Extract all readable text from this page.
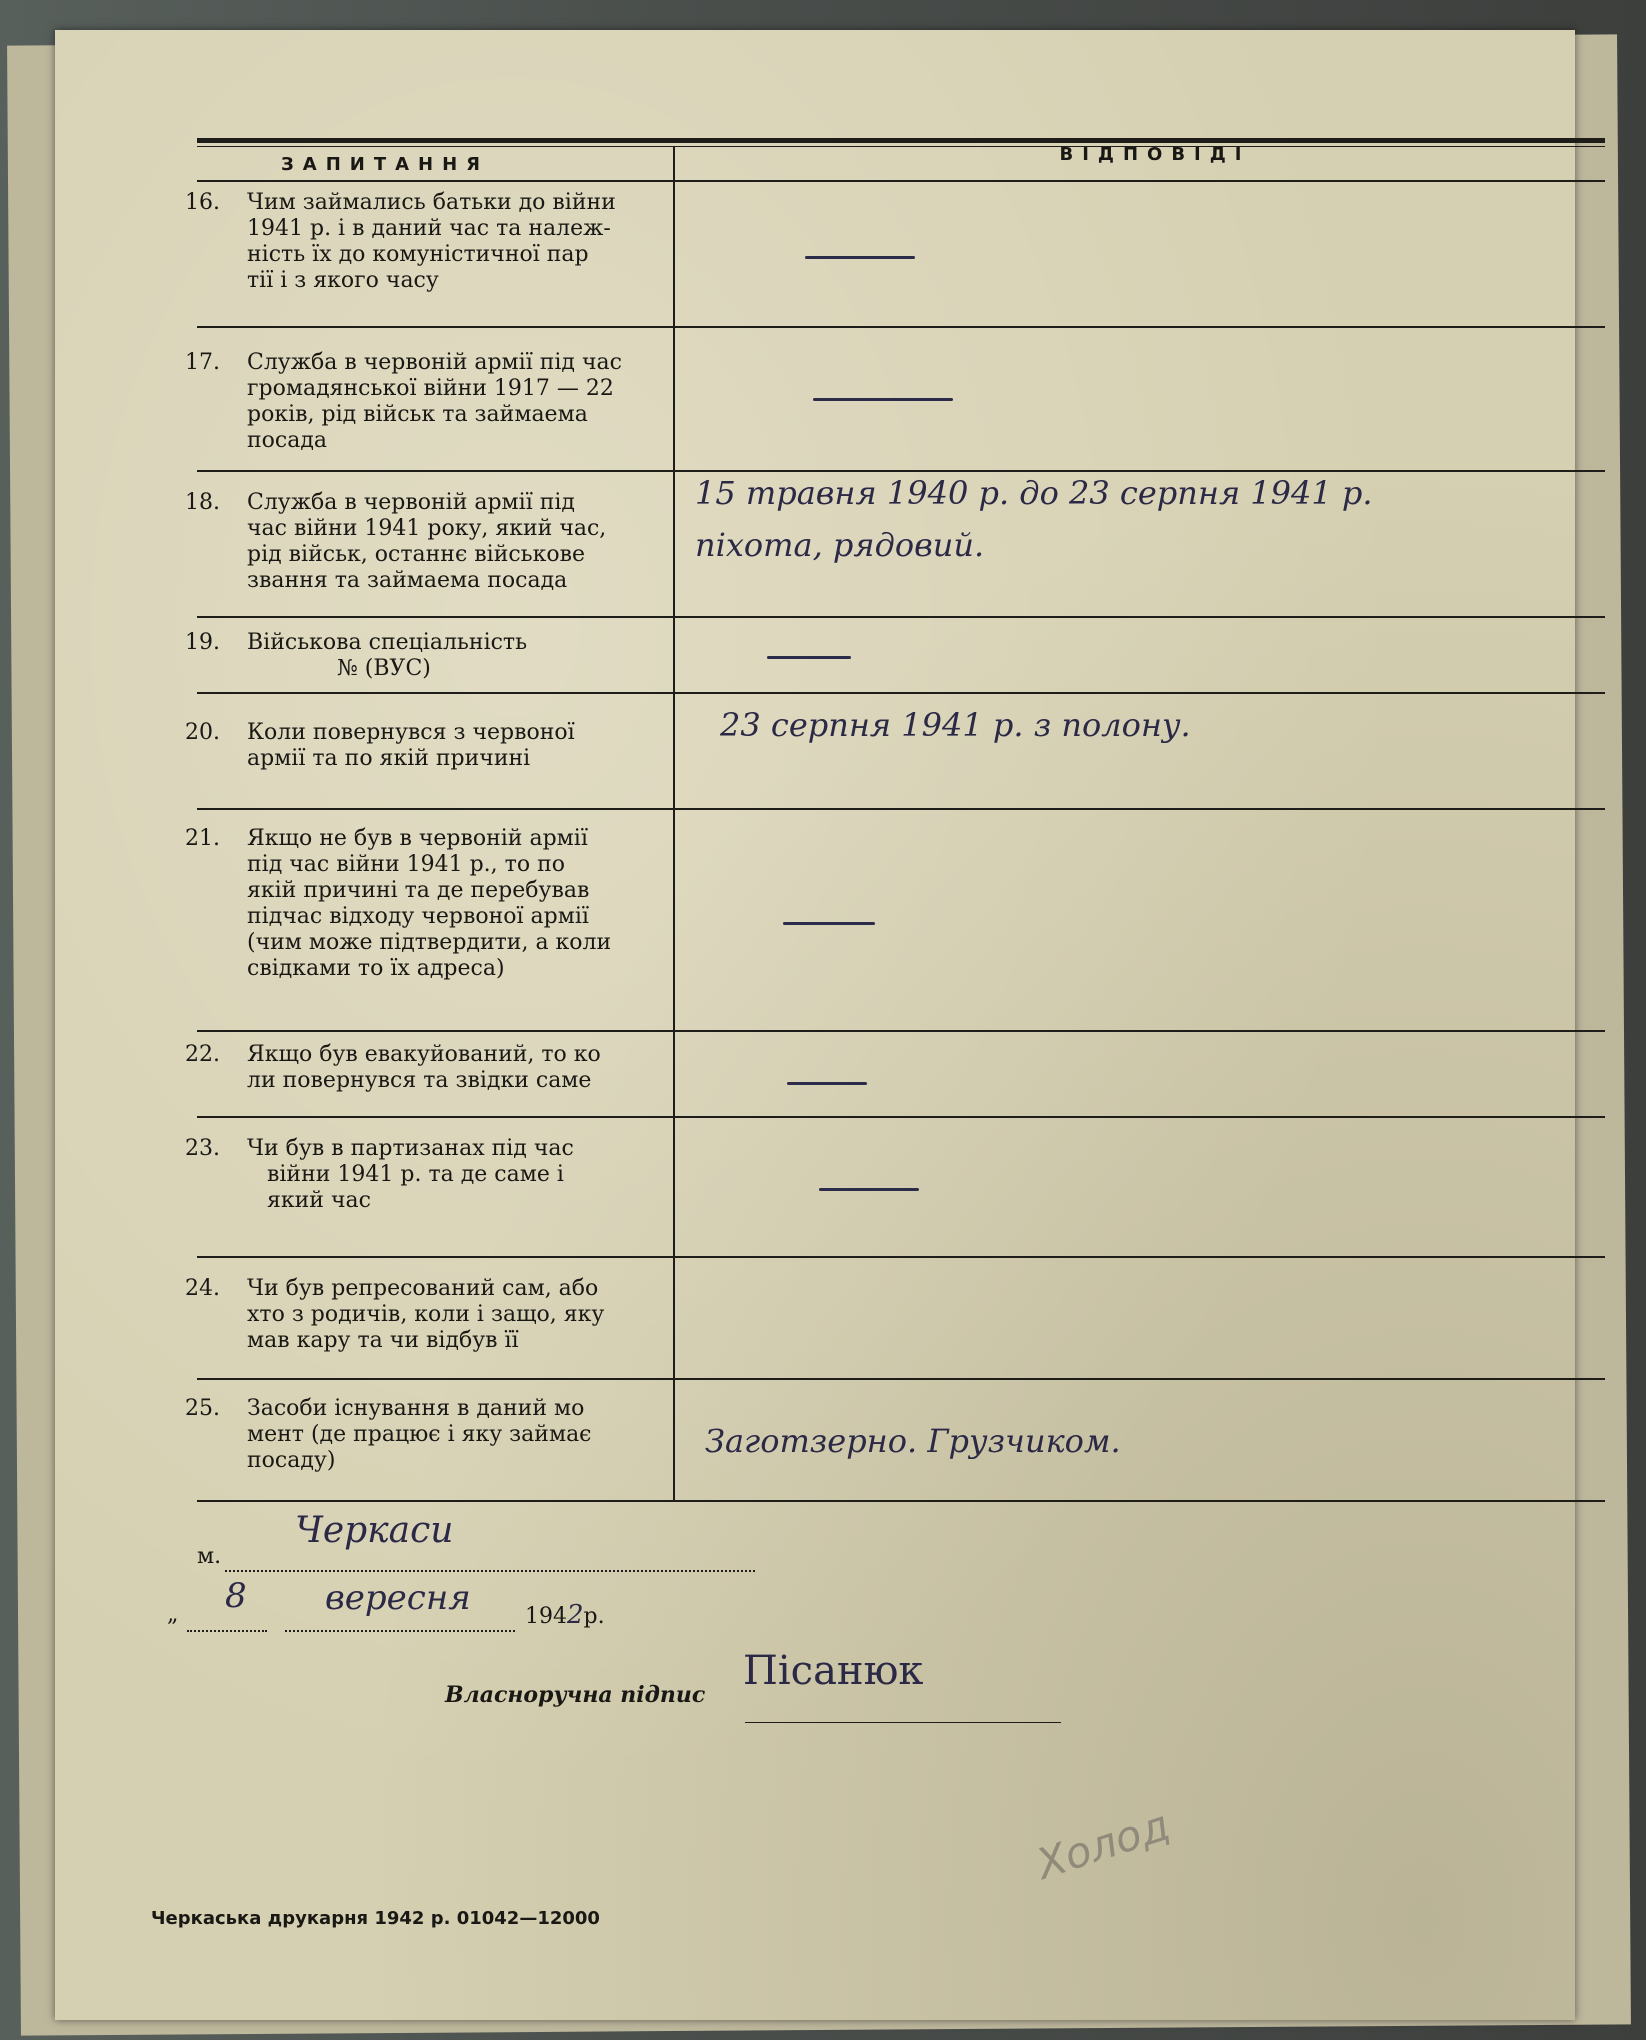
ЗАПИТАННЯ	ВІДПОВІДІ
16. Чим займались батьки до війни
1941 р. і в даний час та належ-
ність їх до комуністичної пар
тії і з якого часу
17. Служба в червоній армії під час
громадянської війни 1917 — 22
років, рід військ та займаема
посада
18. Служба в червоній армії під
час війни 1941 року, який час,
рід військ, останнє військове
звання та займаема посада
15 травня 1940 р. до 23 серпня 1941 р.
піхота, рядовий.
19. Військова спеціальність
№ (ВУС)
20. Коли повернувся з червоної
армії та по якій причині
23 серпня 1941 р. з полону.
21. Якщо не був в червоній армії
під час війни 1941 р., то по
якій причині та де перебував
підчас відходу червоної армії
(чим може підтвердити, а коли
свідками то їх адреса)
22. Якщо був евакуйований, то ко
ли повернувся та звідки саме
23. Чи був в партизанах під час
війни 1941 р. та де саме і
який час
24. Чи був репресований сам, або
хто з родичів, коли і защо, яку
мав кару та чи відбув її
25. Засоби існування в даний мо
мент (де працює і яку займає
посаду)
Заготзерно. Грузчиком.
м.
Черкаси
„ 8 вересня 1942р.
Власноручна підпис
Пісанюк
Холод
Черкаська друкарня 1942 р. 01042—12000
